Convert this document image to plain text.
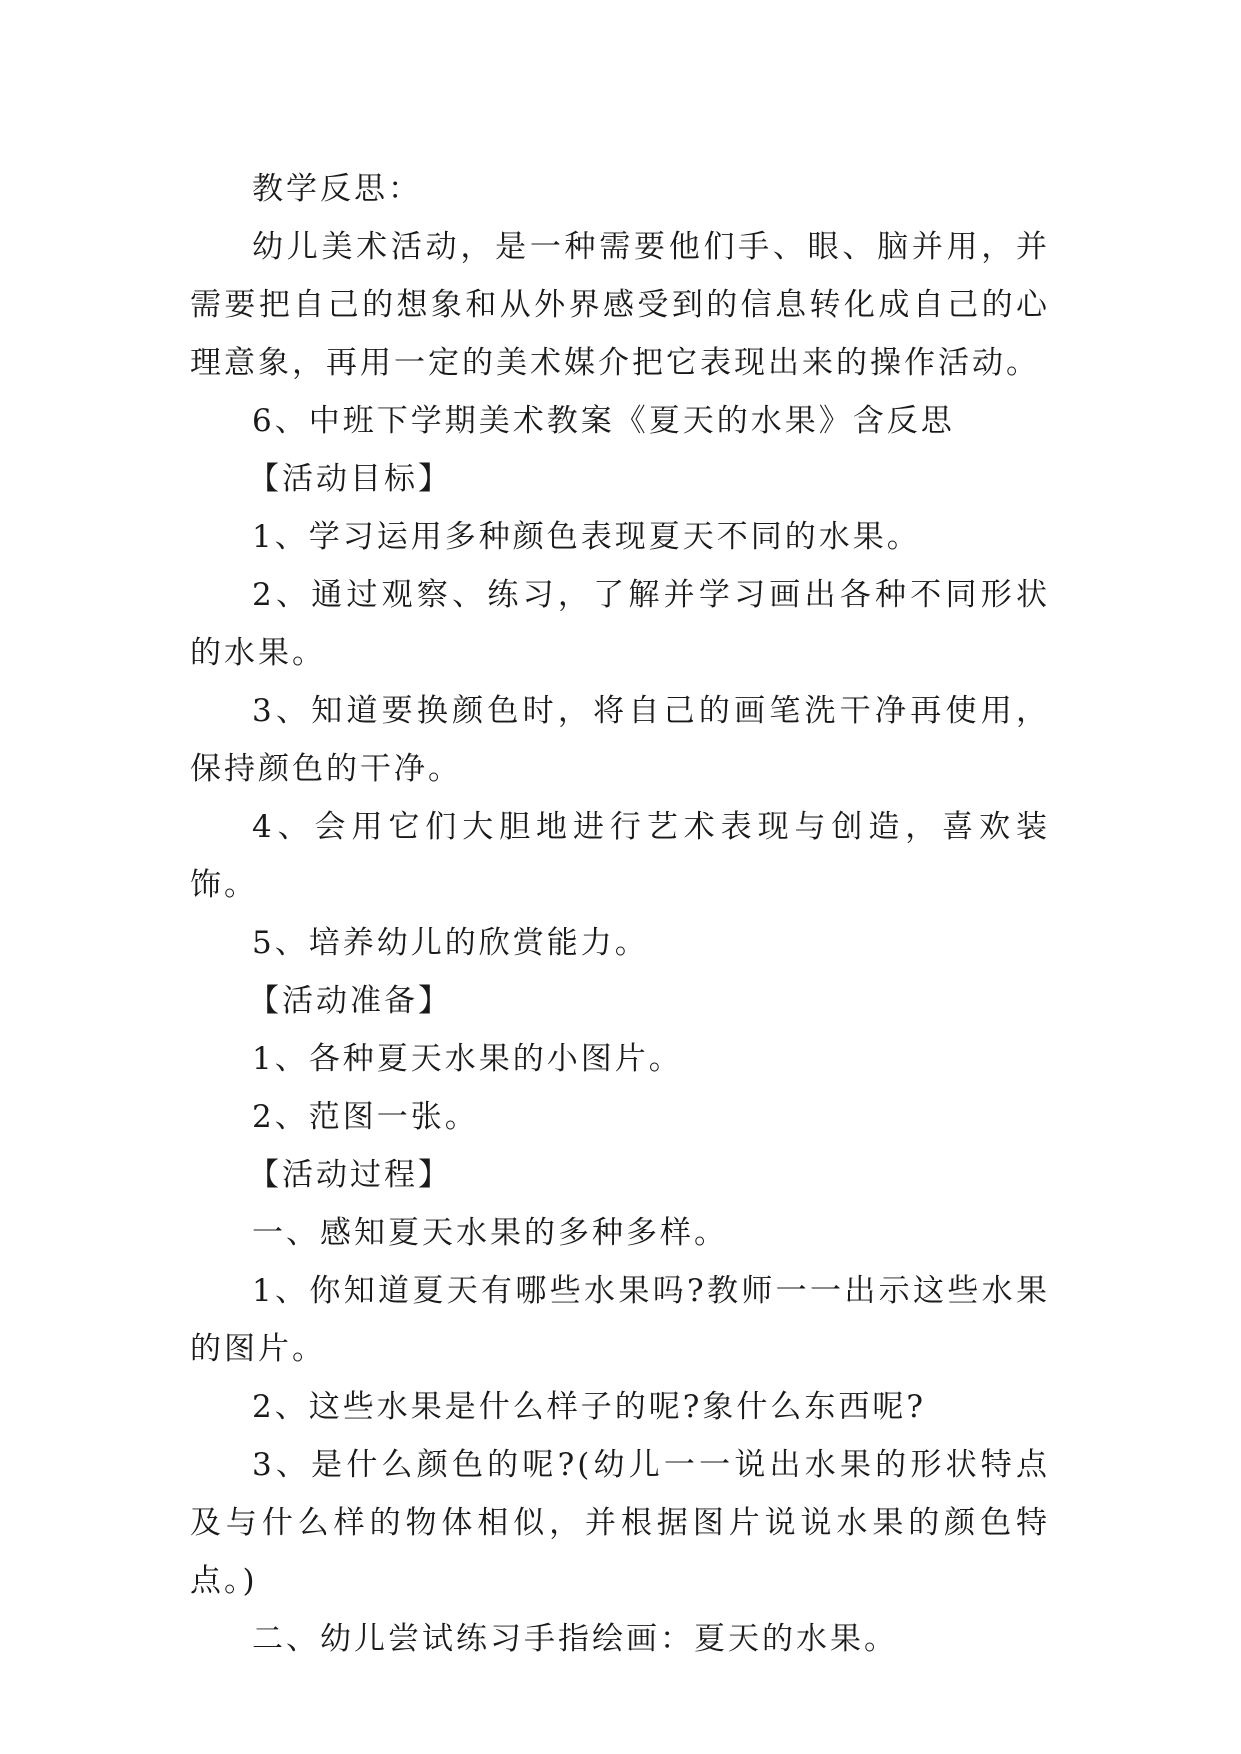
教学反思：

幼儿美术活动，是一种需要他们手、眼、脑并用，并需要把自己的想象和从外界感受到的信息转化成自己的心理意象，再用一定的美术媒介把它表现出来的操作活动。

6、中班下学期美术教案《夏天的水果》含反思

【活动目标】

1、学习运用多种颜色表现夏天不同的水果。

2、通过观察、练习，了解并学习画出各种不同形状的水果。

3、知道要换颜色时，将自己的画笔洗干净再使用，保持颜色的干净。

4、会用它们大胆地进行艺术表现与创造，喜欢装饰。

5、培养幼儿的欣赏能力。

【活动准备】

1、各种夏天水果的小图片。

2、范图一张。

【活动过程】

一、感知夏天水果的多种多样。

1、你知道夏天有哪些水果吗?教师一一出示这些水果的图片。

2、这些水果是什么样子的呢?象什么东西呢?

3、是什么颜色的呢?(幼儿一一说出水果的形状特点及与什么样的物体相似，并根据图片说说水果的颜色特点。)

二、幼儿尝试练习手指绘画：夏天的水果。
